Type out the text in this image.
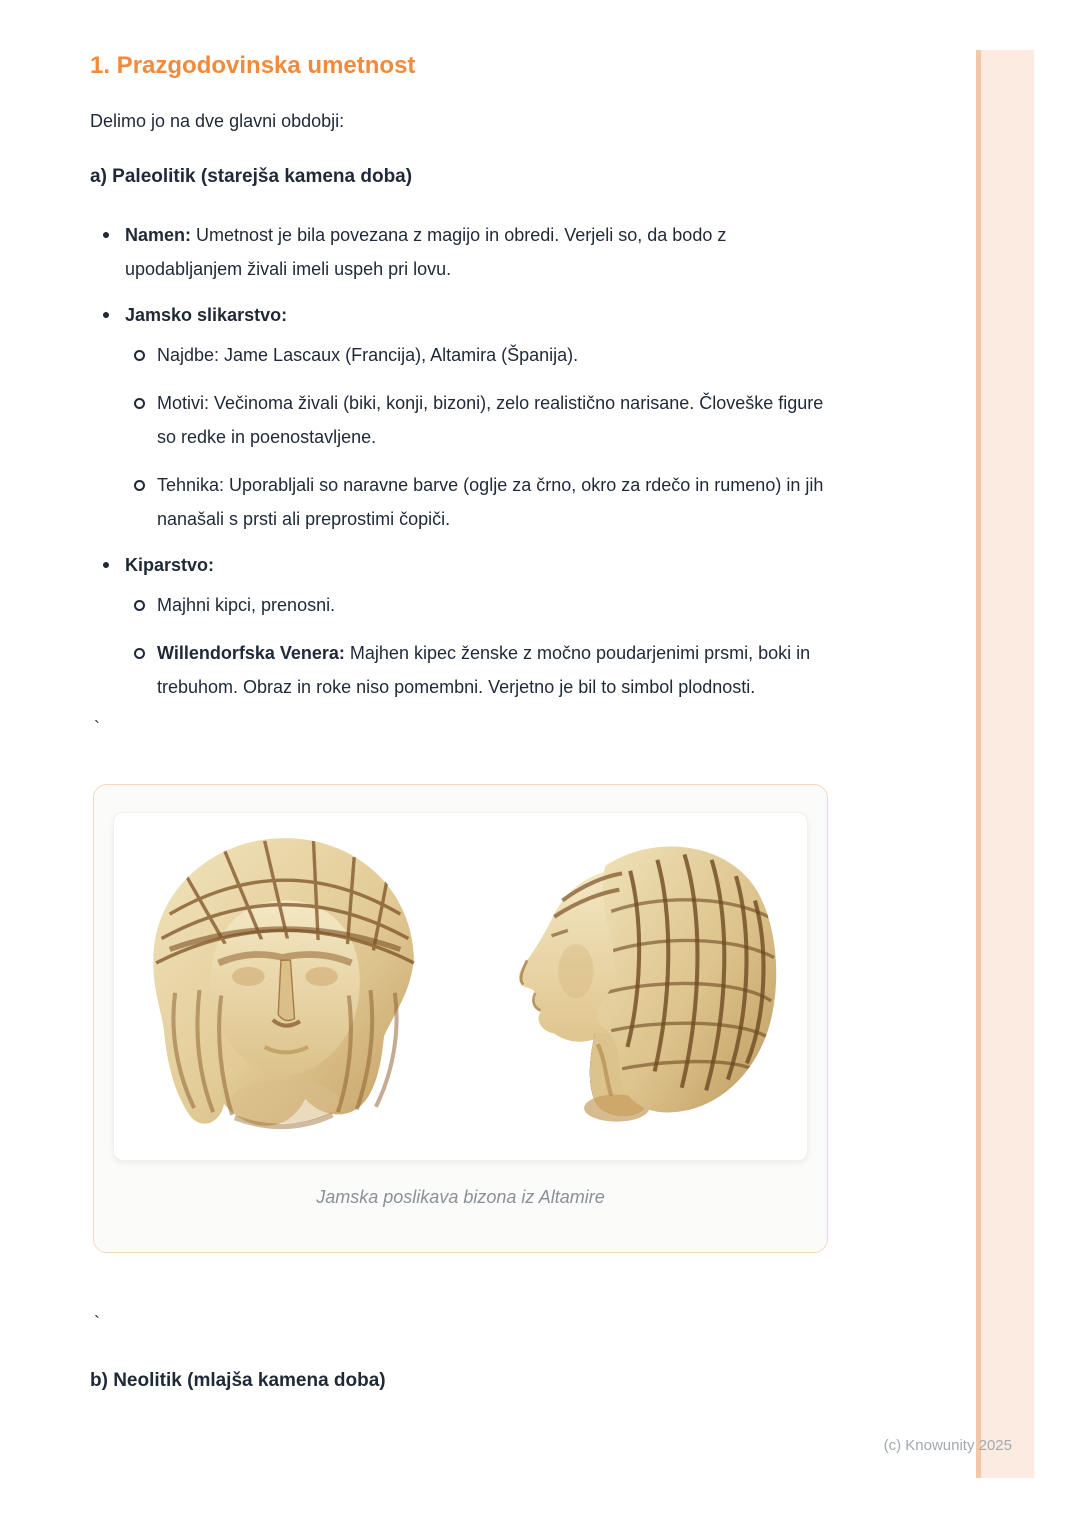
1. Prazgodovinska umetnost

Delimo jo na dve glavni obdobji:

a) Paleolitik (starejša kamena doba)
Namen: Umetnost je bila povezana z magijo in obredi. Verjeli so, da bodo z upodabljanjem živali imeli uspeh pri lovu.
Jamsko slikarstvo:
Najdbe: Jame Lascaux (Francija), Altamira (Španija).
Motivi: Večinoma živali (biki, konji, bizoni), zelo realistično narisane. Človeške figure so redke in poenostavljene.
Tehnika: Uporabljali so naravne barve (oglje za črno, okro za rdečo in rumeno) in jih nanašali s prsti ali preprostimi čopiči.
Kiparstvo:
Majhni kipci, prenosni.
Willendorfska Venera: Majhen kipec ženske z močno poudarjenimi prsmi, boki in trebuhom. Obraz in roke niso pomembni. Verjetno je bil to simbol plodnosti.
`
Jamska poslikava bizona iz Altamire
`
b) Neolitik (mlajša kamena doba)
(c) Knowunity 2025
